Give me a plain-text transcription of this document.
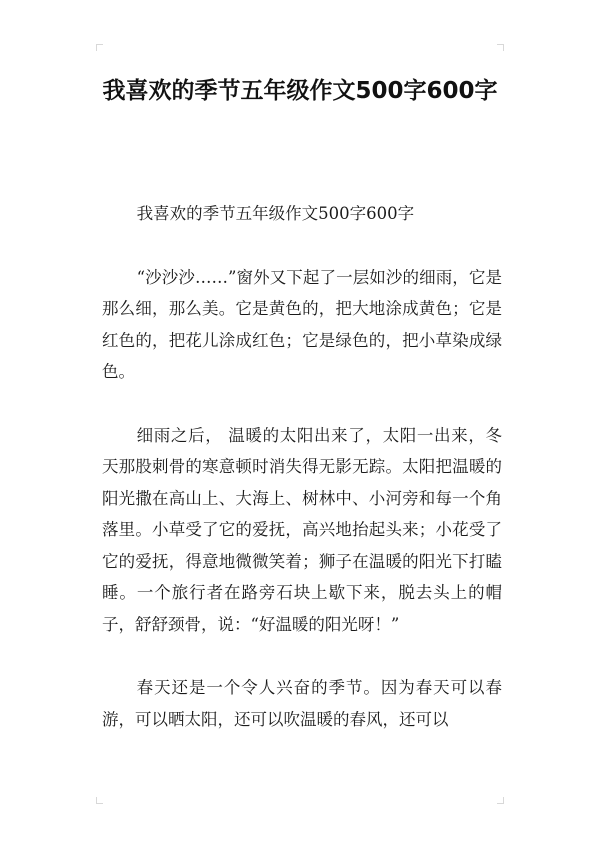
我喜欢的季节五年级作文500字600字

我喜欢的季节五年级作文500字600字

“沙沙沙……”窗外又下起了一层如沙的细雨，它是那么细，那么美。它是黄色的，把大地涂成黄色；它是红色的，把花儿涂成红色；它是绿色的，把小草染成绿色。

细雨之后， 温暖的太阳出来了，太阳一出来，冬天那股刺骨的寒意顿时消失得无影无踪。太阳把温暖的阳光撒在高山上、大海上、树林中、小河旁和每一个角落里。小草受了它的爱抚，高兴地抬起头来；小花受了它的爱抚，得意地微微笑着；狮子在温暖的阳光下打瞌睡。一个旅行者在路旁石块上歇下来，脱去头上的帽子，舒舒颈骨，说：“好温暖的阳光呀！”

春天还是一个令人兴奋的季节。因为春天可以春游，可以晒太阳，还可以吹温暖的春风，还可以
